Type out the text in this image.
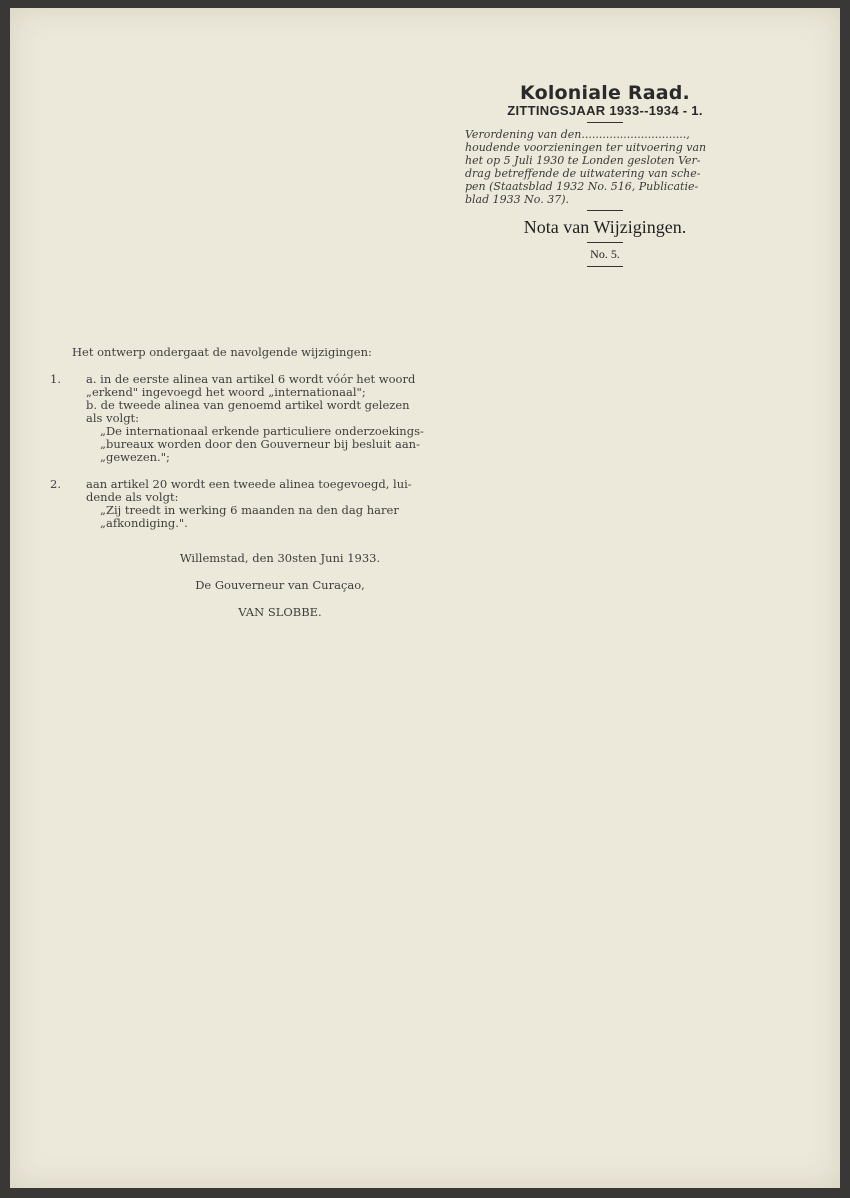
Koloniale Raad.
ZITTINGSJAAR 1933--1934 - 1.
Verordening van den..............................,
houdende voorzieningen ter uitvoering van
het op 5 Juli 1930 te Londen gesloten Ver-
drag betreffende de uitwatering van sche-
pen (Staatsblad 1932 No. 516, Publicatie-
blad 1933 No. 37).
Nota van Wijzigingen.
No. 5.
Het ontwerp ondergaat de navolgende wijzigingen:
1.	a. in de eerste alinea van artikel 6 wordt vóór het woord

„erkend" ingevoegd het woord „internationaal";

b. de tweede alinea van genoemd artikel wordt gelezen

als volgt:

„De internationaal erkende particuliere onderzoekings-

„bureaux worden door den Gouverneur bij besluit aan-

„gewezen.";

2.	aan artikel 20 wordt een tweede alinea toegevoegd, lui-

dende als volgt:

„Zij treedt in werking 6 maanden na den dag harer

„afkondiging.".

Willemstad, den 30sten Juni 1933.

De Gouverneur van Curaçao,

VAN SLOBBE.
